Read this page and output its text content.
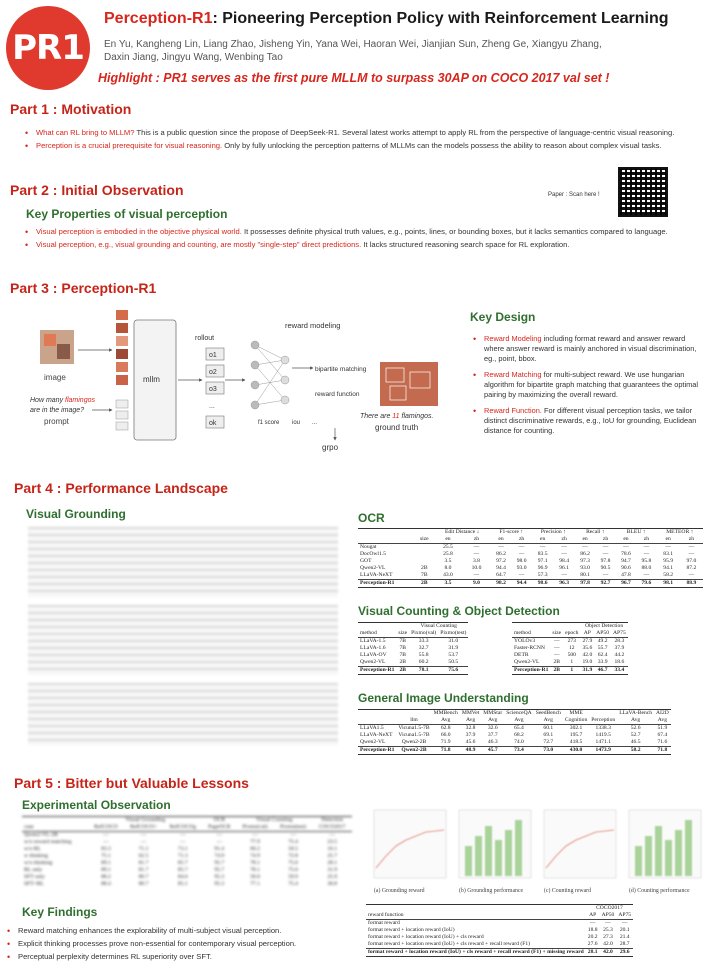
PR1
Perception-R1: Pioneering Perception Policy with Reinforcement Learning
En Yu, Kangheng Lin, Liang Zhao, Jisheng Yin, Yana Wei, Haoran Wei, Jianjian Sun, Zheng Ge, Xiangyu Zhang,
Daxin Jiang, Jingyu Wang, Wenbing Tao
Highlight : PR1 serves as the first pure MLLM to surpass 30AP on COCO 2017 val set !
Part 1 : Motivation
• What can RL bring to MLLM? This is a public question since the propose of DeepSeek-R1. Several latest works attempt to apply RL from the perspective of language-centric visual reasoning.
• Perception is a crucial prerequisite for visual reasoning. Only by fully unlocking the perception patterns of MLLMs can the models possess the ability to reason about complex visual tasks.
Part 2 : Initial Observation	Paper : Scan here !
Key Properties of visual perception
• Visual perception is embodied in the objective physical world. It possesses definite physical truth values, e.g., points, lines, or bounding boxes, but it lacks semantics compared to language.
• Visual perception, e.g., visual grounding and counting, are mostly "single-step" direct predictions. It lacks structured reasoning search space for RL exploration.
Part 3 : Perception-R1
image	mllm
rollout
o1
o2
o3
...
ok
reward modeling
bipartite matching
reward function
f1 score iou ...
grpo
There are 11 flamingos.
ground truth
How many flamingos
are in the image?
prompt
Key Design
• Reward Modeling including format reward and answer reward where answer reward is mainly anchored in visual discrimination, eg., point, bbox.
• Reward Matching for multi-subject reward. We use hungarian algorithm for bipartite graph matching that guarantees the optimal pairing by maximizing the overall reward.
• Reward Function. For different visual perception tasks, we tailor distinct discriminative rewards, e.g., IoU for grounding, Euclidean distance for counting.
Part 4 : Performance Landscape
Visual Grounding	OCR
		Edit Distance ↓		F1-score ↑		Precision ↑		Recall ↑		BLEU ↑		METEOR ↑	
	size	en	zh	en	zh	en	zh	en	zh	en	zh	en	zh
Nougat		25.5	—	—	—	—	—	—	—	—	—	—	—
DocOwl1.5		25.8	—	86.2	—	83.5	—	86.2	—	78.6	—	83.1	—
GOT		3.5	3.8	97.2	98.0	97.1	98.4	97.3	97.8	94.7	95.8	95.9	97.0
Qwen2-VL	2B	8.0	10.0	94.4	93.0	96.9	96.1	93.0	90.5	90.6	88.0	94.1	87.2
LLaVA-NeXT	7B	43.0	—	64.7	—	57.3	—	80.1	—	47.8	—	58.2	—
Perception-R1	2B	3.5	9.0	98.2	94.4	98.6	96.3	97.8	92.7	96.7	79.6	98.1	88.9
Visual Counting & Object Detection
		Visual Counting	
method	size	Pixmo(val)	Pixmo(test)
LLaVA-1.5	7B	33.3	31.0
LLaVA-1.6	7B	32.7	31.9
LLaVA-OV	7B	55.8	53.7
Qwen2-VL	2B	60.2	50.5
Perception-R1	2B	78.1	75.6
			Object Detection		
method	size	epoch	AP	AP50	AP75
YOLOv3	—	273	27.9	49.2	28.3
Faster-RCNN	—	12	35.6	55.7	37.9
DETR	—	500	42.0	62.4	44.2
Qwen2-VL	2B	1	19.0	33.9	18.6
Perception-R1	2B	1	31.9	46.7	33.4
General Image Understanding
		MMBench	MMVet	MMStar	ScienceQA	SeedBench	MME		LLaVA-Bench	AI2D
	llm	Avg	Avg	Avg	Avg	Avg	Cognition	Perception	Avg	Avg
LLaVA1.5	Vicuna1.5-7B	62.8	32.8	32.6	65.4	60.1	302.1	1338.3	52.6	51.9
LLaVA-NeXT	Vicuna1.5-7B	66.0	37.9	37.7	68.2	69.1	195.7	1419.5	52.7	67.4
Qwen2-VL	Qwen2-2B	71.9	45.6	46.3	74.0	72.7	418.5	1471.1	46.5	71.6
Perception-R1	Qwen2-2B	71.8	48.9	45.7	73.4	73.0	430.0	1473.9	58.2	71.8
Part 5 : Bitter but Valuable Lessons
Experimental Observation
	Visual Grounding			OCR	Visual Counting		Detection
case	RefCOCO	RefCOCO+	RefCOCOg	PageOCR	Pixmo(val)	Pixmo(test)	COCO2017
Qwen2-VL-2B	—	—	—	—	—	—	—
w/o reward matching	—	—	—	—	77.9	75.4	23.5
w/o RL	83.3	71.1	73.1	91.4	60.2	50.5	16.1
w thinking	75.1	62.5	71.3	74.9	74.9	72.8	25.7
w/o thinking	89.1	81.7	85.7	95.7	78.1	75.6	28.1
RL only	89.1	81.7	85.7	95.7	78.1	75.6	31.9
SFT only	88.2	80.7	84.6	95.3	58.0	59.9	25.9
SFT+RL	88.4	80.7	85.1	95.3	77.1	75.4	30.8
(a) Grounding reward	(b) Grounding performance	(c) Counting reward	(d) Counting performance
	COCO2017		
reward function	AP	AP50	AP75
format reward	—	—	—
format reward + location reward (IoU)	18.8	25.3	20.1
format reward + location reward (IoU) + cls reward	20.2	27.3	21.4
format reward + location reward (IoU) + cls reward + recall reward (F1)	27.6	42.0	28.7
format reward + location reward (IoU) + cls reward + recall reward (F1) + missing reward	28.1	42.0	29.6
Key Findings
• Reward matching enhances the explorability of multi-subject visual perception.
• Explicit thinking processes prove non-essential for contemporary visual perception.
• Perceptual perplexity determines RL superiority over SFT.
